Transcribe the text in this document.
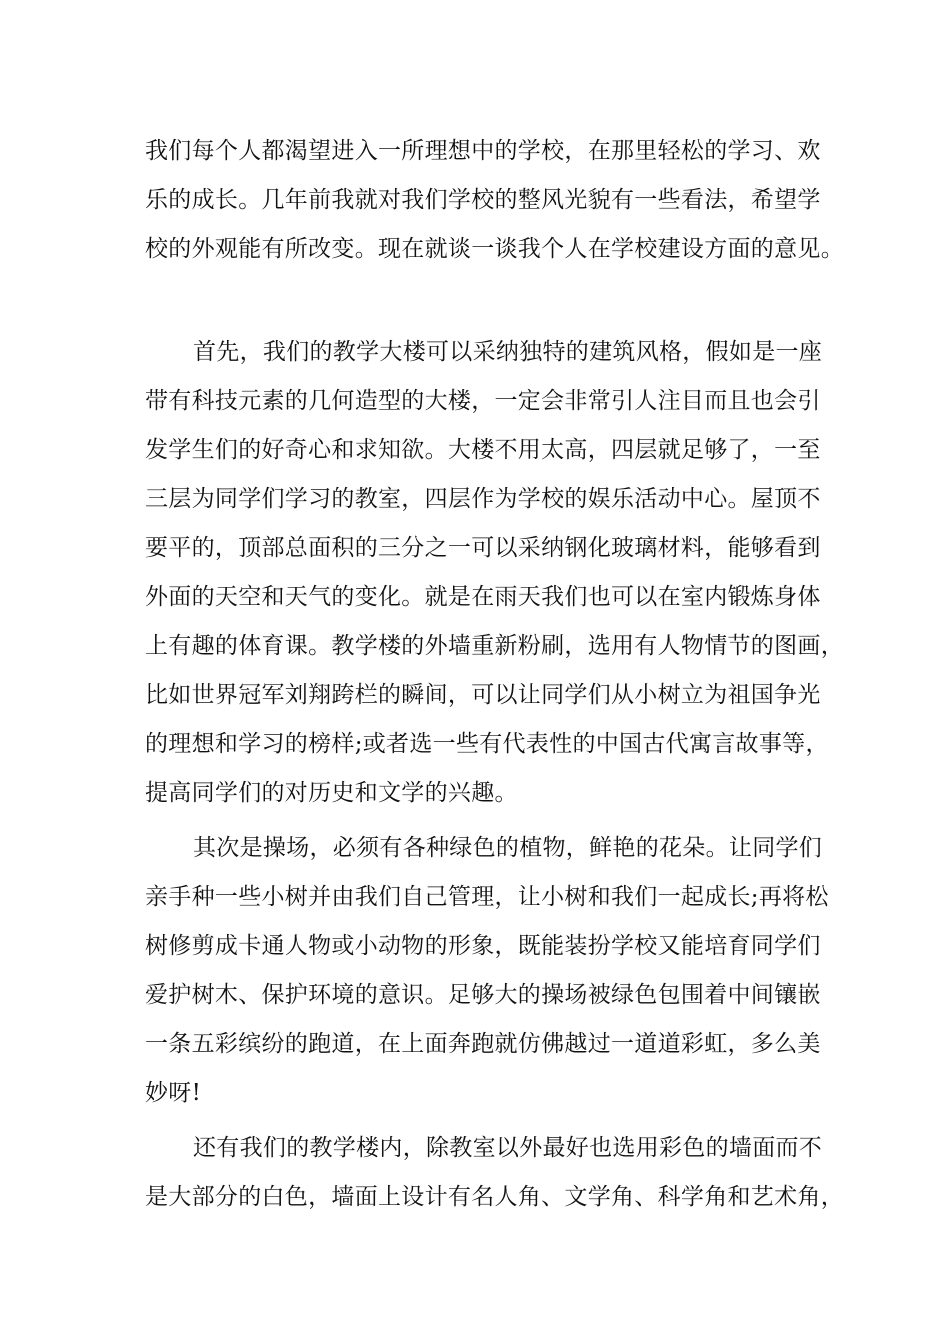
我们每个人都渴望进入一所理想中的学校，在那里轻松的学习、欢
乐的成长。几年前我就对我们学校的整风光貌有一些看法，希望学
校的外观能有所改变。现在就谈一谈我个人在学校建设方面的意见。
首先，我们的教学大楼可以采纳独特的建筑风格，假如是一座
带有科技元素的几何造型的大楼，一定会非常引人注目而且也会引
发学生们的好奇心和求知欲。大楼不用太高，四层就足够了，一至
三层为同学们学习的教室，四层作为学校的娱乐活动中心。屋顶不
要平的，顶部总面积的三分之一可以采纳钢化玻璃材料，能够看到
外面的天空和天气的变化。就是在雨天我们也可以在室内锻炼身体
上有趣的体育课。教学楼的外墙重新粉刷，选用有人物情节的图画，
比如世界冠军刘翔跨栏的瞬间，可以让同学们从小树立为祖国争光
的理想和学习的榜样;或者选一些有代表性的中国古代寓言故事等，
提高同学们的对历史和文学的兴趣。
其次是操场，必须有各种绿色的植物，鲜艳的花朵。让同学们
亲手种一些小树并由我们自己管理，让小树和我们一起成长;再将松
树修剪成卡通人物或小动物的形象，既能装扮学校又能培育同学们
爱护树木、保护环境的意识。足够大的操场被绿色包围着中间镶嵌
一条五彩缤纷的跑道，在上面奔跑就仿佛越过一道道彩虹，多么美
妙呀!
还有我们的教学楼内，除教室以外最好也选用彩色的墙面而不
是大部分的白色，墙面上设计有名人角、文学角、科学角和艺术角，
